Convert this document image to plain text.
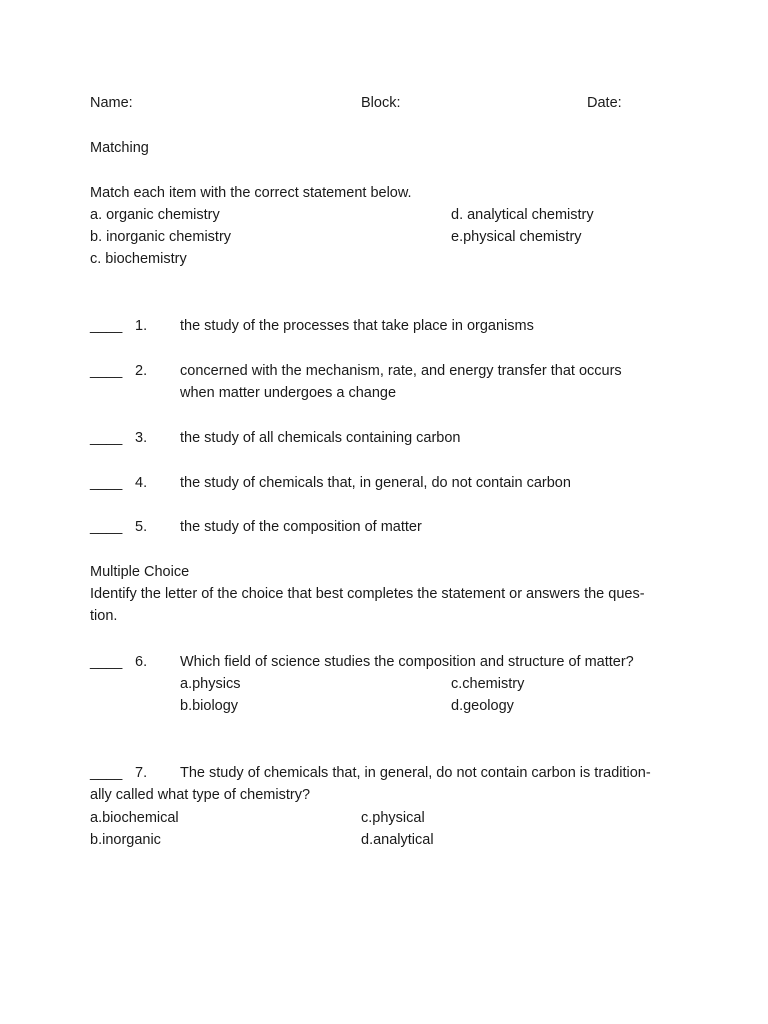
Name:	Block:	Date:
Matching
Match each item with the correct statement below.
a. organic chemistry
b. inorganic chemistry
c. biochemistry
d. analytical chemistry
e.physical chemistry
____ 1. the study of the processes that take place in organisms
____ 2. concerned with the mechanism, rate, and energy transfer that occurs
when matter undergoes a change
____ 3. the study of all chemicals containing carbon
____ 4. the study of chemicals that, in general, do not contain carbon
____ 5. the study of the composition of matter
Multiple Choice
Identify the letter of the choice that best completes the statement or answers the ques-
tion.
____ 6. Which field of science studies the composition and structure of matter?
a.physics
b.biology
c.chemistry
d.geology
____ 7. The study of chemicals that, in general, do not contain carbon is tradition-
ally called what type of chemistry?
a.biochemical
b.inorganic
c.physical
d.analytical
